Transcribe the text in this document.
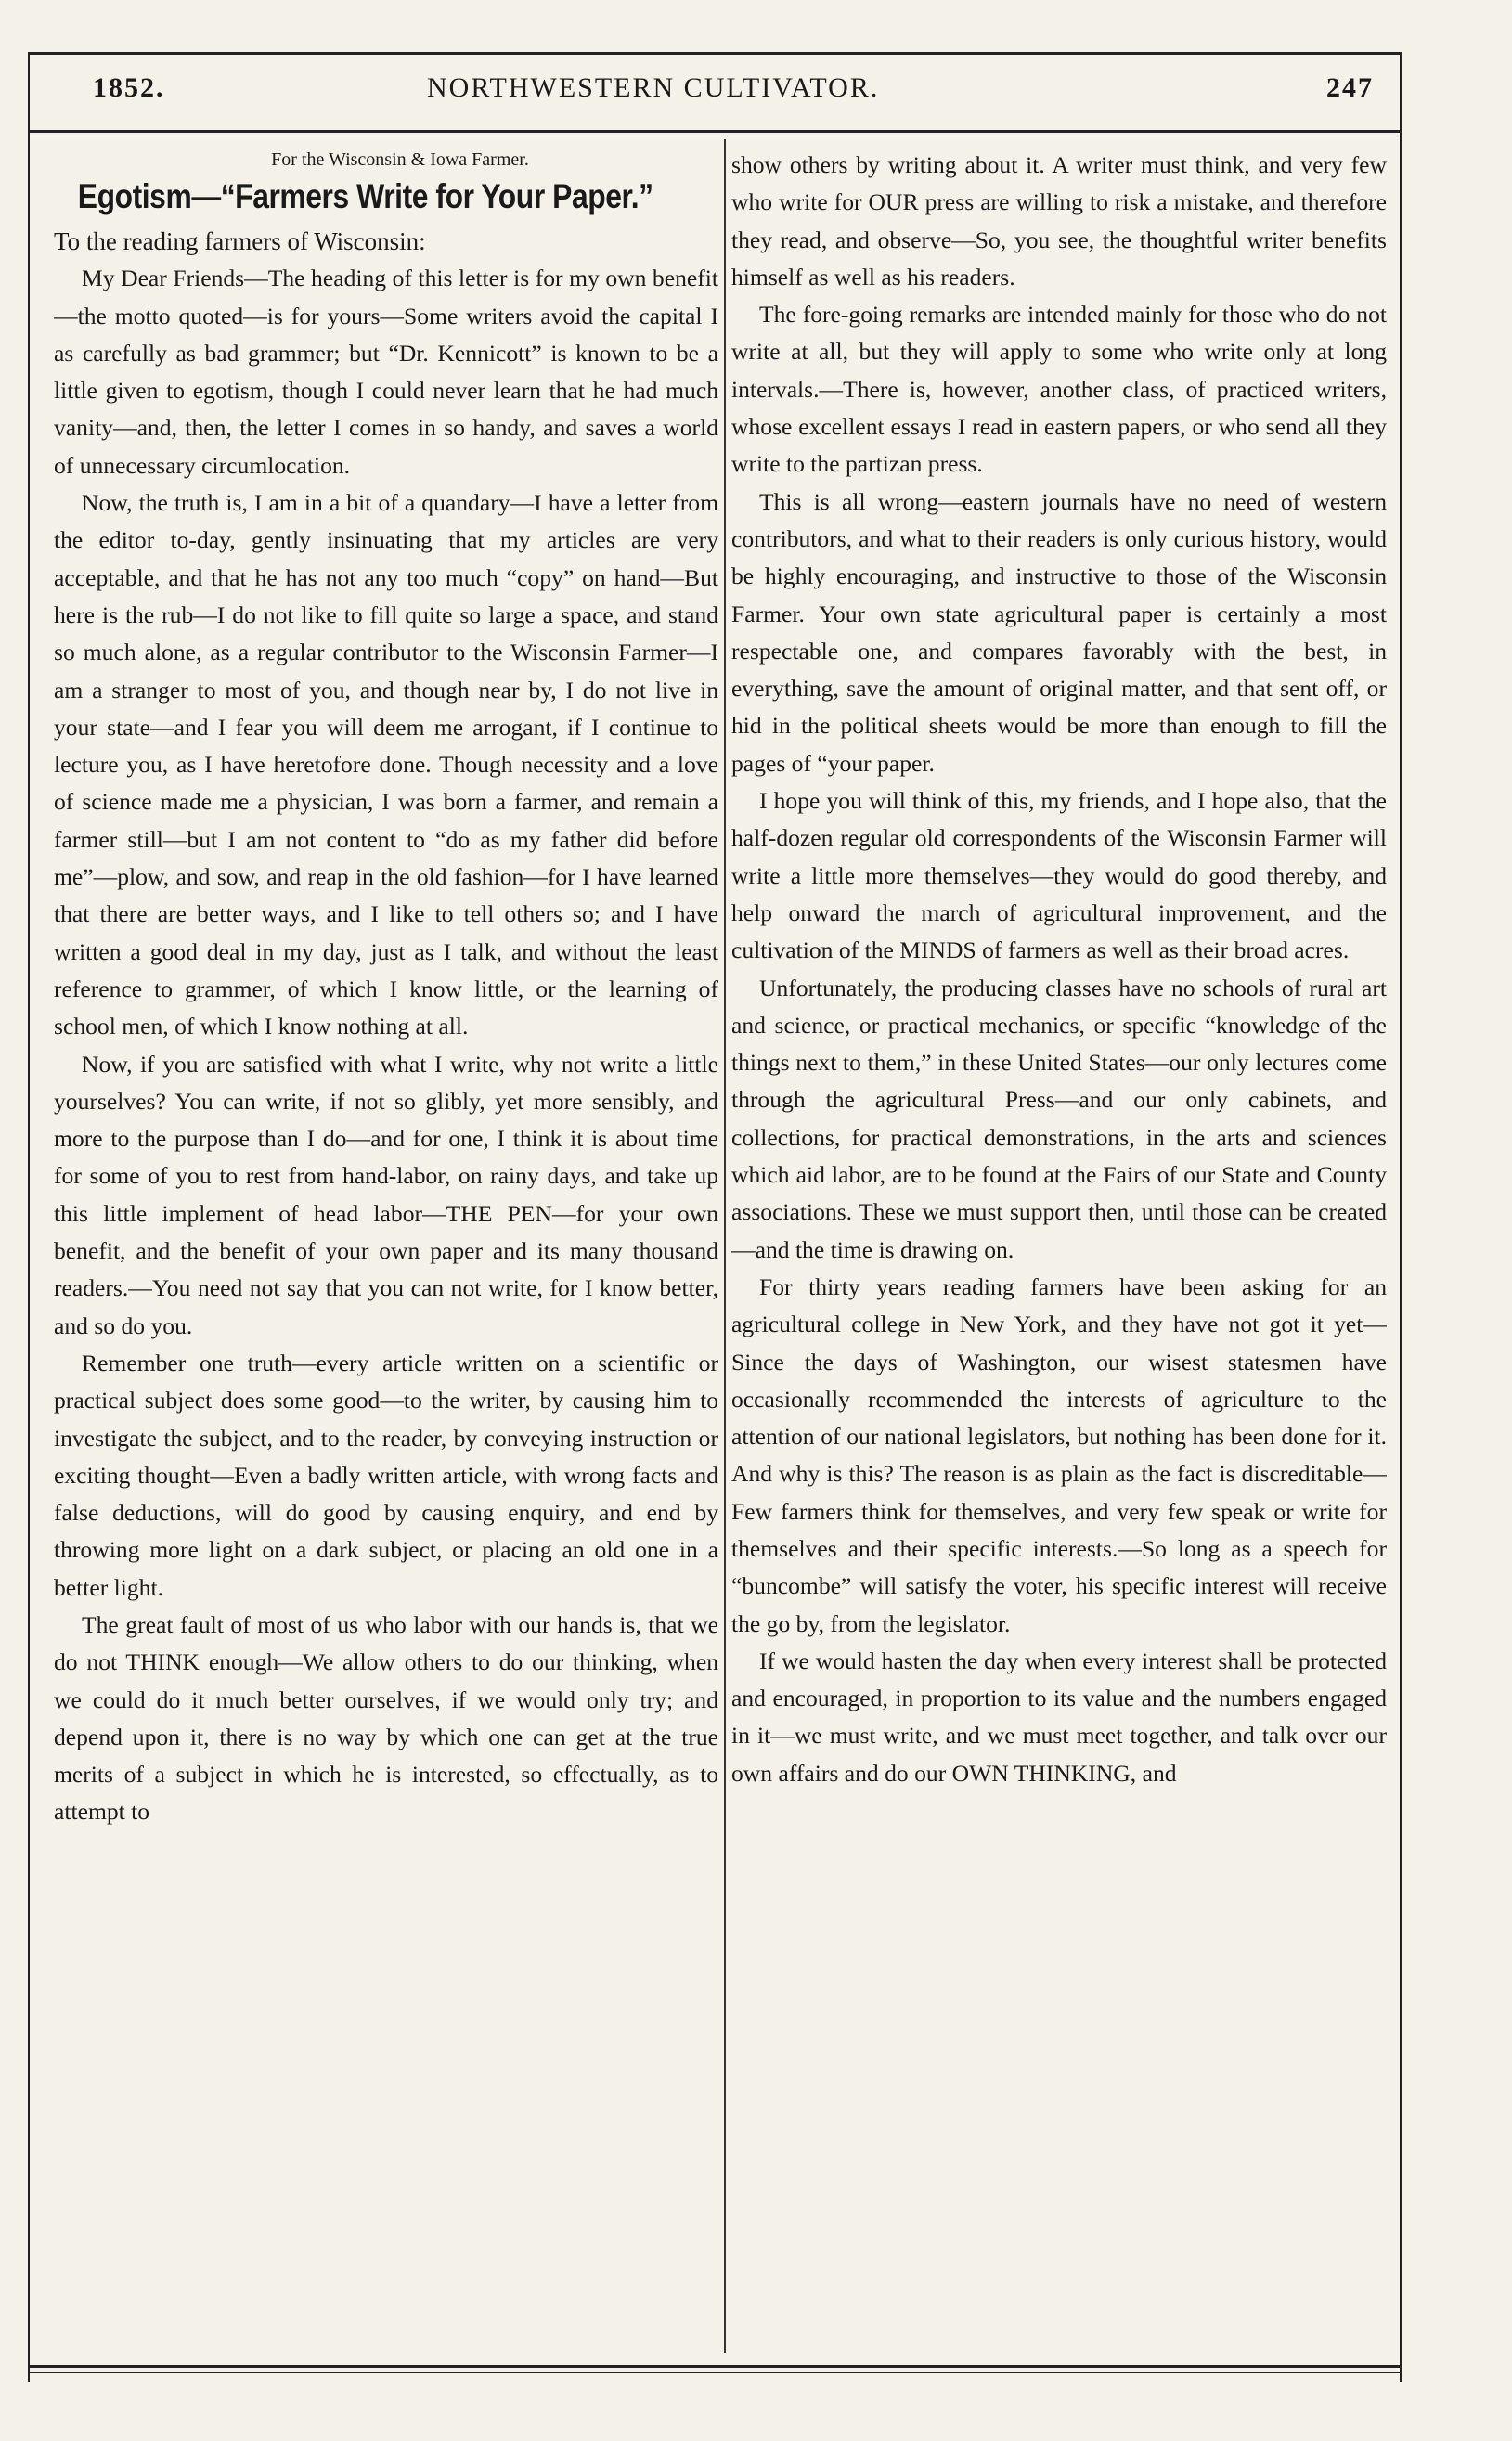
1852.	NORTHWESTERN CULTIVATOR.	247

For the Wisconsin & Iowa Farmer.

Egotism—“Farmers Write for Your Paper.”

To the reading farmers of Wisconsin:

My Dear Friends—The heading of this letter is for my own benefit—the motto quoted—is for yours—Some writers avoid the capital I as carefully as bad grammer; but “Dr. Kennicott” is known to be a little given to egotism, though I could never learn that he had much vanity—and, then, the letter I comes in so handy, and saves a world of unnecessary circumlocation.

Now, the truth is, I am in a bit of a quandary—I have a letter from the editor to-day, gently insinuating that my articles are very acceptable, and that he has not any too much “copy” on hand—But here is the rub—I do not like to fill quite so large a space, and stand so much alone, as a regular contributor to the Wisconsin Farmer—I am a stranger to most of you, and though near by, I do not live in your state—and I fear you will deem me arrogant, if I continue to lecture you, as I have heretofore done. Though necessity and a love of science made me a physician, I was born a farmer, and remain a farmer still—but I am not content to “do as my father did before me”—plow, and sow, and reap in the old fashion—for I have learned that there are better ways, and I like to tell others so; and I have written a good deal in my day, just as I talk, and without the least reference to grammer, of which I know little, or the learning of school men, of which I know nothing at all.

Now, if you are satisfied with what I write, why not write a little yourselves? You can write, if not so glibly, yet more sensibly, and more to the purpose than I do—and for one, I think it is about time for some of you to rest from hand-labor, on rainy days, and take up this little implement of head labor—THE PEN—for your own benefit, and the benefit of your own paper and its many thousand readers.—You need not say that you can not write, for I know better, and so do you.

Remember one truth—every article written on a scientific or practical subject does some good—to the writer, by causing him to investigate the subject, and to the reader, by conveying instruction or exciting thought—Even a badly written article, with wrong facts and false deductions, will do good by causing enquiry, and end by throwing more light on a dark subject, or placing an old one in a better light.

The great fault of most of us who labor with our hands is, that we do not THINK enough—We allow others to do our thinking, when we could do it much better ourselves, if we would only try; and depend upon it, there is no way by which one can get at the true merits of a subject in which he is interested, so effectually, as to attempt to

show others by writing about it. A writer must think, and very few who write for OUR press are willing to risk a mistake, and therefore they read, and observe—So, you see, the thoughtful writer benefits himself as well as his readers.

The fore-going remarks are intended mainly for those who do not write at all, but they will apply to some who write only at long intervals.—There is, however, another class, of practiced writers, whose excellent essays I read in eastern papers, or who send all they write to the partizan press.

This is all wrong—eastern journals have no need of western contributors, and what to their readers is only curious history, would be highly encouraging, and instructive to those of the Wisconsin Farmer. Your own state agricultural paper is certainly a most respectable one, and compares favorably with the best, in everything, save the amount of original matter, and that sent off, or hid in the political sheets would be more than enough to fill the pages of “your paper.

I hope you will think of this, my friends, and I hope also, that the half-dozen regular old correspondents of the Wisconsin Farmer will write a little more themselves—they would do good thereby, and help onward the march of agricultural improvement, and the cultivation of the MINDS of farmers as well as their broad acres.

Unfortunately, the producing classes have no schools of rural art and science, or practical mechanics, or specific “knowledge of the things next to them,” in these United States—our only lectures come through the agricultural Press—and our only cabinets, and collections, for practical demonstrations, in the arts and sciences which aid labor, are to be found at the Fairs of our State and County associations. These we must support then, until those can be created—and the time is drawing on.

For thirty years reading farmers have been asking for an agricultural college in New York, and they have not got it yet—Since the days of Washington, our wisest statesmen have occasionally recommended the interests of agriculture to the attention of our national legislators, but nothing has been done for it. And why is this? The reason is as plain as the fact is discreditable—Few farmers think for themselves, and very few speak or write for themselves and their specific interests.—So long as a speech for “buncombe” will satisfy the voter, his specific interest will receive the go by, from the legislator.

If we would hasten the day when every interest shall be protected and encouraged, in proportion to its value and the numbers engaged in it—we must write, and we must meet together, and talk over our own affairs and do our OWN THINKING, and
